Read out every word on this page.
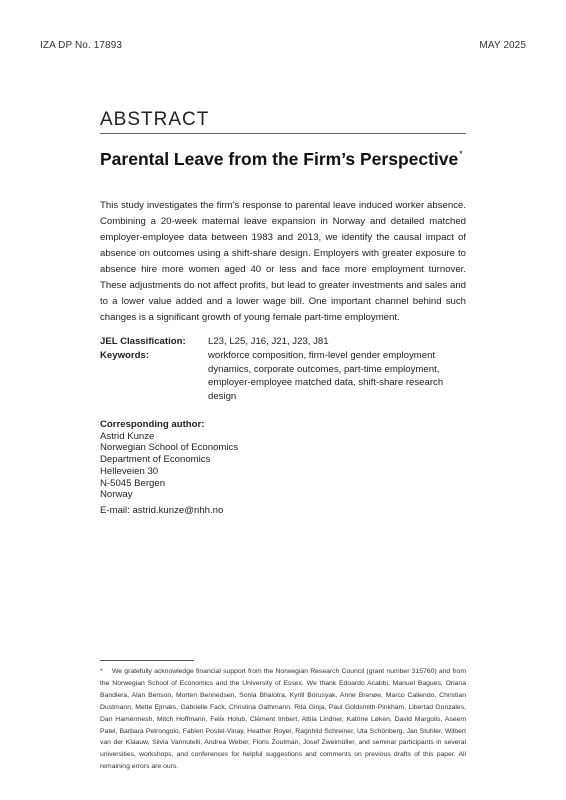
IZA DP No. 17893	MAY 2025
ABSTRACT
Parental Leave from the Firm’s Perspective*
This study investigates the firm’s response to parental leave induced worker absence. Combining a 20-week maternal leave expansion in Norway and detailed matched employer-employee data between 1983 and 2013, we identify the causal impact of absence on outcomes using a shift-share design. Employers with greater exposure to absence hire more women aged 40 or less and face more employment turnover. These adjustments do not affect profits, but lead to greater investments and sales and to a lower value added and a lower wage bill. One important channel behind such changes is a significant growth of young female part-time employment.
JEL Classification: L23, L25, J16, J21, J23, J81
Keywords:	workforce composition, firm-level gender employment dynamics, corporate outcomes, part-time employment, employer-employee matched data, shift-share research design
Corresponding author:
Astrid Kunze
Norwegian School of Economics
Department of Economics
Helleveien 30
N-5045 Bergen
Norway
E-mail: astrid.kunze@nhh.no
* We gratefully acknowledge financial support from the Norwegian Research Council (grant number 315760) and from the Norwegian School of Economics and the University of Essex. We thank Edoardo Acabbi, Manuel Bagues, Oriana Bandiera, Alan Benson, Morten Bennedsen, Sonia Bhalotra, Kyrill Borusyak, Anne Brenøe, Marco Caliendo, Christian Dustmann, Mette Ejrnæs, Gabrielle Fack, Christina Gathmann, Rita Ginja, Paul Goldsmith-Pinkham, Libertad Gonzales, Dan Hamermesh, Mitch Hoffmann, Felix Holub, Clément Imbert, Attila Lindner, Katrine Løken, David Margolis, Aseem Patel, Barbara Petrongolo, Fabien Postel-Vinay, Heather Royer, Ragnhild Schreiner, Uta Schönberg, Jan Stuhler, Wilbert van der Klaauw, Silvia Vannutelli, Andrea Weber, Floris Zoutman, Josef Zweimüller, and seminar participants in several universities, workshops, and conferences for helpful suggestions and comments on previous drafts of this paper. All remaining errors are ours.
